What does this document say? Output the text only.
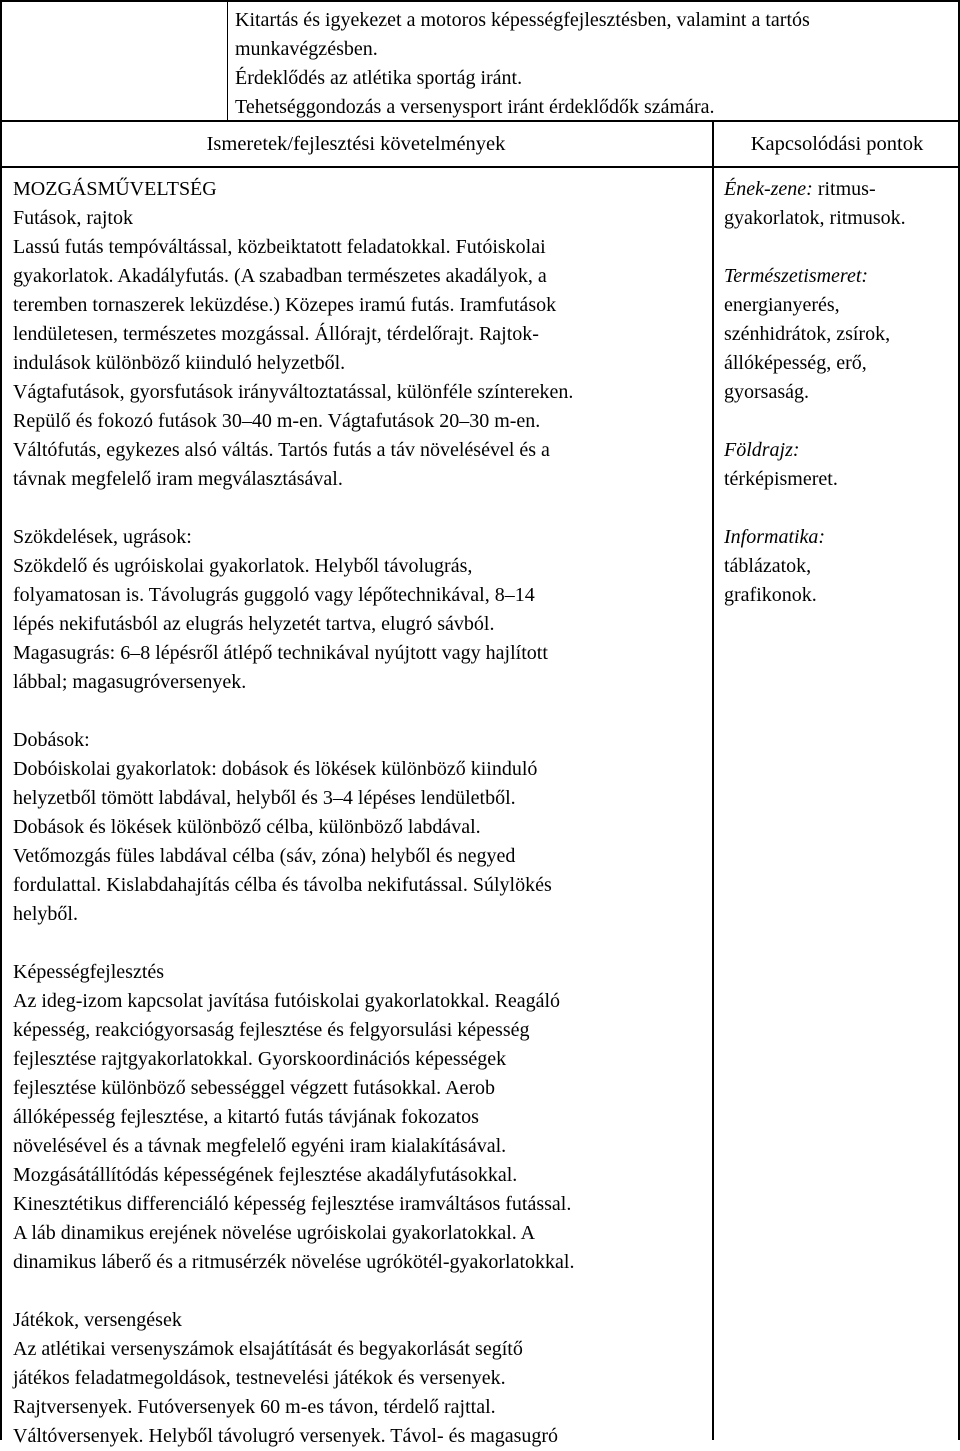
Kitartás és igyekezet a motoros képességfejlesztésben, valamint a tartós

munkavégzésben.

Érdeklődés az atlétika sportág iránt.

Tehetséggondozás a versenysport iránt érdeklődők számára.

Ismeretek/fejlesztési követelmények	Kapcsolódási pontok

MOZGÁSMŰVELTSÉG

Futások, rajtok

Lassú futás tempóváltással, közbeiktatott feladatokkal. Futóiskolai

gyakorlatok. Akadályfutás. (A szabadban természetes akadályok, a

teremben tornaszerek leküzdése.) Közepes iramú futás. Iramfutások

lendületesen, természetes mozgással. Állórajt, térdelőrajt. Rajtok-

indulások különböző kiinduló helyzetből.

Vágtafutások, gyorsfutások irányváltoztatással, különféle színtereken.

Repülő és fokozó futások 30‒40 m-en. Vágtafutások 20‒30 m-en.

Váltófutás, egykezes alsó váltás. Tartós futás a táv növelésével és a

távnak megfelelő iram megválasztásával.

Szökdelések, ugrások:

Szökdelő és ugróiskolai gyakorlatok. Helyből távolugrás,

folyamatosan is. Távolugrás guggoló vagy lépőtechnikával, 8‒14

lépés nekifutásból az elugrás helyzetét tartva, elugró sávból.

Magasugrás: 6‒8 lépésről átlépő technikával nyújtott vagy hajlított

lábbal; magasugróversenyek.

Dobások:

Dobóiskolai gyakorlatok: dobások és lökések különböző kiinduló

helyzetből tömött labdával, helyből és 3‒4 lépéses lendületből.

Dobások és lökések különböző célba, különböző labdával.

Vetőmozgás füles labdával célba (sáv, zóna) helyből és negyed

fordulattal. Kislabdahajítás célba és távolba nekifutással. Súlylökés

helyből.

Képességfejlesztés

Az ideg-izom kapcsolat javítása futóiskolai gyakorlatokkal. Reagáló

képesség, reakciógyorsaság fejlesztése és felgyorsulási képesség

fejlesztése rajtgyakorlatokkal. Gyorskoordinációs képességek

fejlesztése különböző sebességgel végzett futásokkal. Aerob

állóképesség fejlesztése, a kitartó futás távjának fokozatos

növelésével és a távnak megfelelő egyéni iram kialakításával.

Mozgásátállítódás képességének fejlesztése akadályfutásokkal.

Kinesztétikus differenciáló képesség fejlesztése iramváltásos futással.

A láb dinamikus erejének növelése ugróiskolai gyakorlatokkal. A

dinamikus láberő és a ritmusérzék növelése ugrókötél-gyakorlatokkal.

Játékok, versengések

Az atlétikai versenyszámok elsajátítását és begyakorlását segítő

játékos feladatmegoldások, testnevelési játékok és versenyek.

Rajtversenyek. Futóversenyek 60 m-es távon, térdelő rajttal.

Váltóversenyek. Helyből távolugró versenyek. Távol- és magasugró

Ének-zene: ritmus-

gyakorlatok, ritmusok.

Természetismeret:

energianyerés,

szénhidrátok, zsírok,

állóképesség, erő,

gyorsaság.

Földrajz:

térképismeret.

Informatika:

táblázatok,

grafikonok.
